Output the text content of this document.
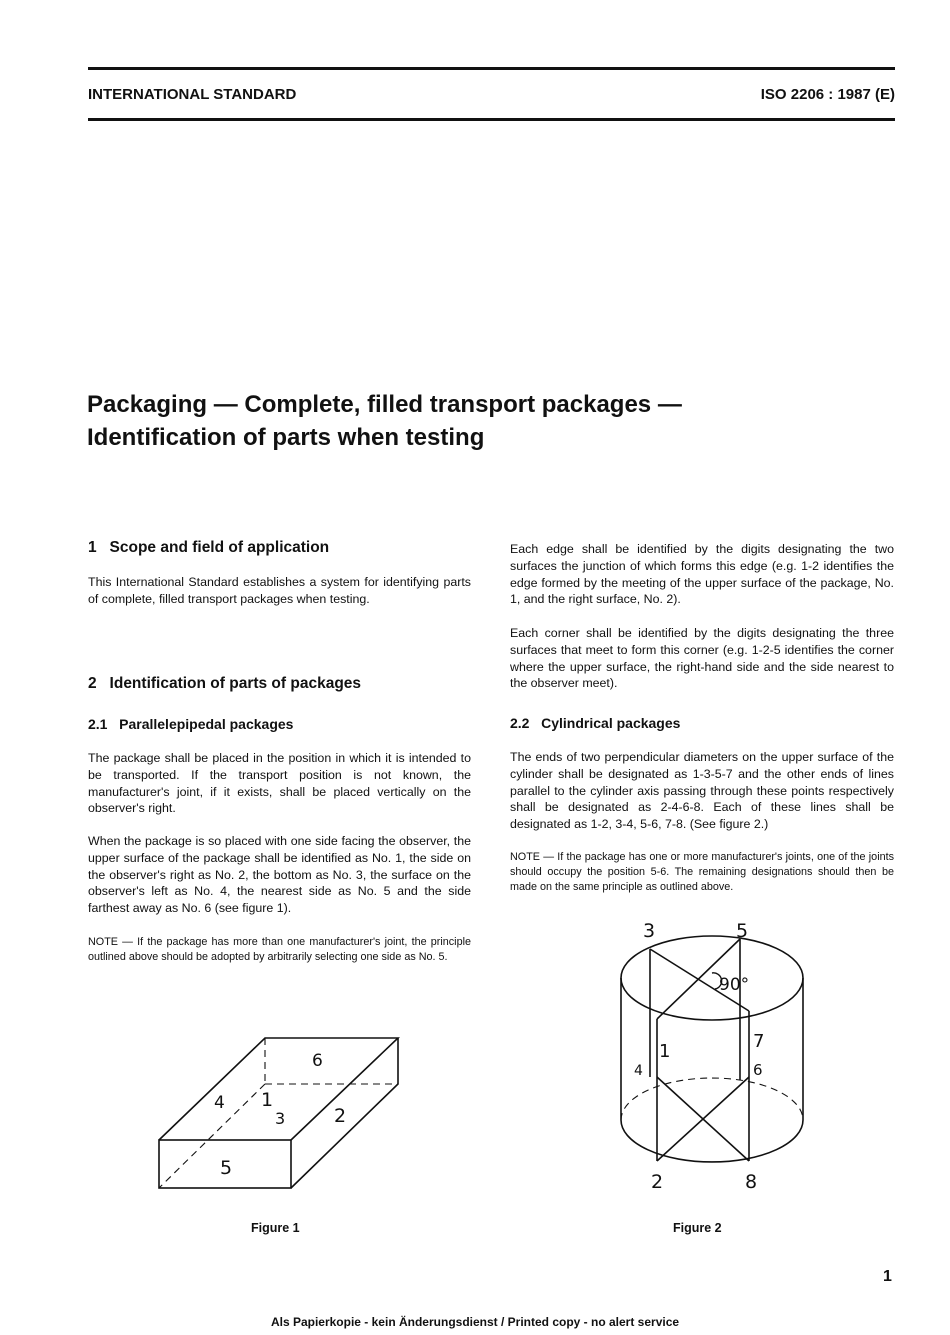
INTERNATIONAL STANDARD	ISO 2206 : 1987 (E)
Packaging — Complete, filled transport packages —
Identification of parts when testing
1   Scope and field of application
This International Standard establishes a system for identifying parts of complete, filled transport packages when testing.
2   Identification of parts of packages
2.1   Parallelepipedal packages
The package shall be placed in the position in which it is intended to be transported. If the transport position is not known, the manufacturer's joint, if it exists, shall be placed vertically on the observer's right.
When the package is so placed with one side facing the observer, the upper surface of the package shall be identified as No. 1, the side on the observer's right as No. 2, the bottom as No. 3, the surface on the observer's left as No. 4, the nearest side as No. 5 and the side farthest away as No. 6 (see figure 1).
NOTE — If the package has more than one manufacturer's joint, the principle outlined above should be adopted by arbitrarily selecting one side as No. 5.
Each edge shall be identified by the digits designating the two surfaces the junction of which forms this edge (e.g. 1-2 identifies the edge formed by the meeting of the upper surface of the package, No. 1, and the right surface, No. 2).
Each corner shall be identified by the digits designating the three surfaces that meet to form this corner (e.g. 1-2-5 identifies the corner where the upper surface, the right-hand side and the side nearest to the observer meet).
2.2   Cylindrical packages
The ends of two perpendicular diameters on the upper surface of the cylinder shall be designated as 1-3-5-7 and the other ends of lines parallel to the cylinder axis passing through these points respectively shall be designated as 2-4-6-8. Each of these lines shall be designated as 1-2, 3-4, 5-6, 7-8. (See figure 2.)
NOTE — If the package has one or more manufacturer's joints, one of the joints should occupy the position 5-6. The remaining designations should then be made on the same principle as outlined above.
6
4 1
3	2
5
Figure 1
3	5
90°
1	7
4	6
2	8
Figure 2
1
Als Papierkopie - kein Änderungsdienst / Printed copy - no alert service
